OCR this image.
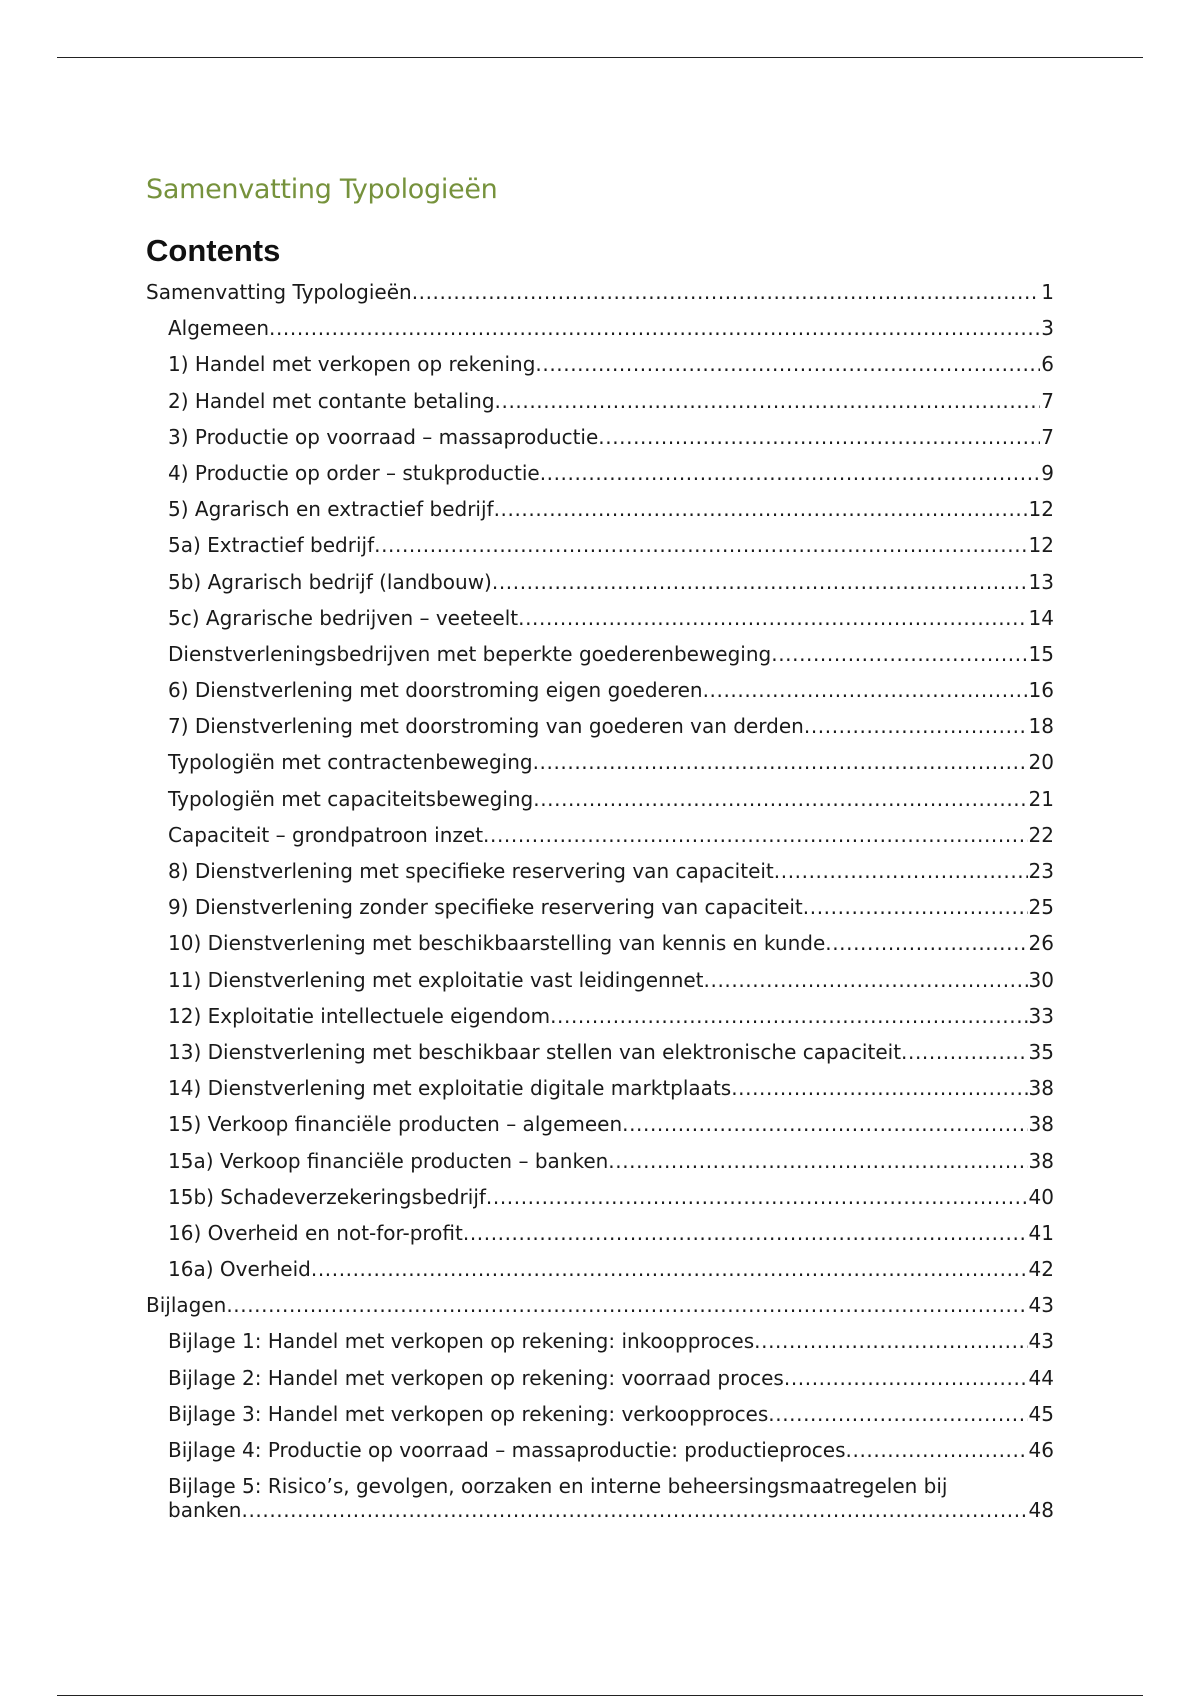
Samenvatting Typologieën
Contents
Samenvatting Typologieën .....	1
Algemeen .....	3
1) Handel met verkopen op rekening .....	6
2) Handel met contante betaling .....	7
3) Productie op voorraad – massaproductie .....	7
4) Productie op order – stukproductie .....	9
5) Agrarisch en extractief bedrijf .....	12
5a) Extractief bedrijf .....	12
5b) Agrarisch bedrijf (landbouw) .....	13
5c) Agrarische bedrijven – veeteelt .....	14
Dienstverleningsbedrijven met beperkte goederenbeweging .....	15
6) Dienstverlening met doorstroming eigen goederen .....	16
7) Dienstverlening met doorstroming van goederen van derden .....	18
Typologiën met contractenbeweging .....	20
Typologiën met capaciteitsbeweging .....	21
Capaciteit – grondpatroon inzet .....	22
8) Dienstverlening met specifieke reservering van capaciteit .....	23
9) Dienstverlening zonder specifieke reservering van capaciteit .....	25
10) Dienstverlening met beschikbaarstelling van kennis en kunde .....	26
11) Dienstverlening met exploitatie vast leidingennet .....	30
12) Exploitatie intellectuele eigendom .....	33
13) Dienstverlening met beschikbaar stellen van elektronische capaciteit .....	35
14) Dienstverlening met exploitatie digitale marktplaats .....	38
15) Verkoop financiële producten – algemeen .....	38
15a) Verkoop financiële producten – banken .....	38
15b) Schadeverzekeringsbedrijf .....	40
16) Overheid en not-for-profit .....	41
16a) Overheid .....	42
Bijlagen .....	43
Bijlage 1: Handel met verkopen op rekening: inkoopproces .....	43
Bijlage 2: Handel met verkopen op rekening: voorraad proces .....	44
Bijlage 3: Handel met verkopen op rekening: verkoopproces .....	45
Bijlage 4: Productie op voorraad – massaproductie: productieproces .....	46
Bijlage 5: Risico’s, gevolgen, oorzaken en interne beheersingsmaatregelen bij
banken .....	48
